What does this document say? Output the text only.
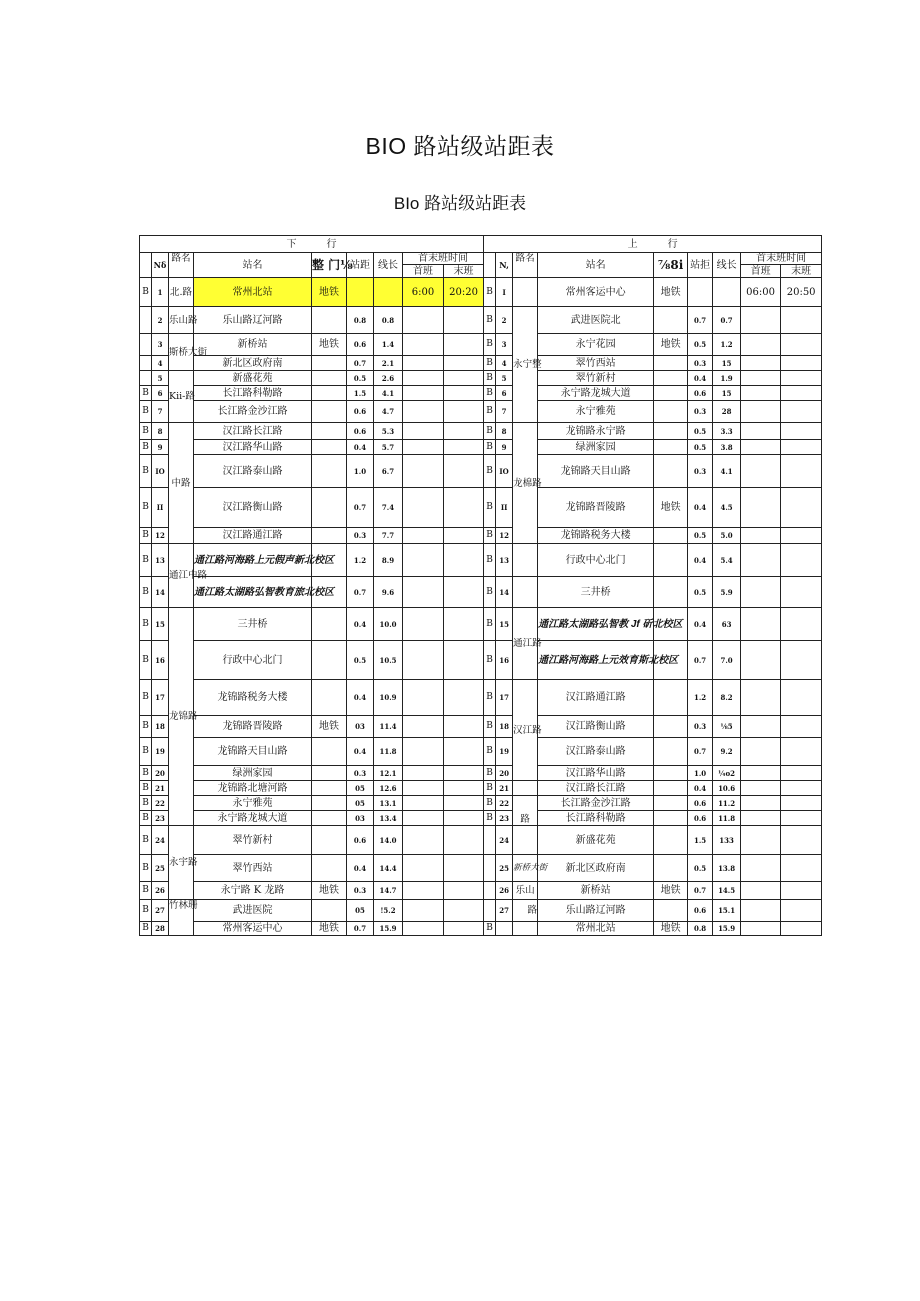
BIO 路站级站距表
BIo 路站级站距表
下　　　行									上　　　行								
	Nδ	路名	站名	整 门⅛	站距	线长	首末班时间			N,	路名	站名	⅞8i	站拒	线长	首末班时间	
							首班	末班								首班	末班
B	1	北.路	常州北站	地铁			6:00	20:20	B	I		常州客运中心	地铁			06:00	20:50
	2	乐山路	乐山路辽河路		0.8	0.8			B	2	永宁整	武进医院北		0.7	0.7		
	3	斯桥大街	新桥站	地铁	0.6	1.4			B	3		永宁花园	地铁	0.5	1.2		
	4		新北区政府南		0.7	2.1			B	4		翠竹西站		0.3	15		
	5	Kii-路	新盛花苑		0.5	2.6			B	5		翠竹新村		0.4	1.9		
B	6		长江路科勒路		1.5	4.1			B	6		永宁路龙城大道		0.6	15		
B	7		长江路金沙江路		0.6	4.7			B	7		永宁雅苑		0.3	28		
B	8	中路	汉江路长江路		0.6	5.3			B	8	龙棉路	龙锦路永宁路		0.5	3.3		
B	9		汉江路华山路		0.4	5.7			B	9		绿洲家园		0.5	3.8		
B	IO		汉江路泰山路		1.0	6.7			B	IO		龙锦路天目山路		0.3	4.1		
B	II		汉江路衡山路		0.7	7.4			B	II		龙锦路晋陵路	地铁	0.4	4.5		
B	12		汉江路通江路		0.3	7.7			B	12		龙锦路税务大楼		0.5	5.0		
B	13	通江中路	通江路河海路上元假声新北校区		1.2	8.9			B	13		行政中心北门		0.4	5.4		
B	14		通江路太湖路弘智教育旅北校区		0.7	9.6			B	14		三井桥		0.5	5.9		
B	15	龙锦路	三井桥		0.4	10.0			B	15	通江路	通江路太湖路弘智教 Jf 斫北校区		0.4	63		
B	16		行政中心北门		0.5	10.5			B	16		通江路河海路上元效育斯北校区		0.7	7.0		
B	17		龙锦路税务大楼		0.4	10.9			B	17	汉江路	汉江路通江路		1.2	8.2		
B	18		龙锦路晋陵路	地铁	03	11.4			B	18		汉江路衡山路		0.3	⅛5		
B	19		龙锦路天目山路		0.4	11.8			B	19		汉江路泰山路		0.7	9.2		
B	20		绿洲家园		0.3	12.1			B	20		汉江路华山路		1.0	¼o2		
B	21		龙锦路北塘河路		05	12.6			B	21		汉江路长江路		0.4	10.6		
B	22		永宁雅苑		05	13.1			B	22	路	长江路金沙江路		0.6	11.2		
B	23		永宁路龙城大道		03	13.4			B	23		长江路科勒路		0.6	11.8		
B	24	永宇路	翠竹新村		0.6	14.0				24		新盛花苑		1.5	133		
B	25		翠竹西站		0.4	14.4				25	新桥大街	新北区政府南		0.5	13.8		
B	26		永宁路 K 龙路	地铁	0.3	14.7				26	乐山	新桥站	地铁	0.7	14.5		
B	27	竹林珊	武进医院		05	!5.2				27	路	乐山路辽河路		0.6	15.1		
B	28		常州客运中心	地铁	0.7	15.9			B			常州北站	地铁	0.8	15.9		
